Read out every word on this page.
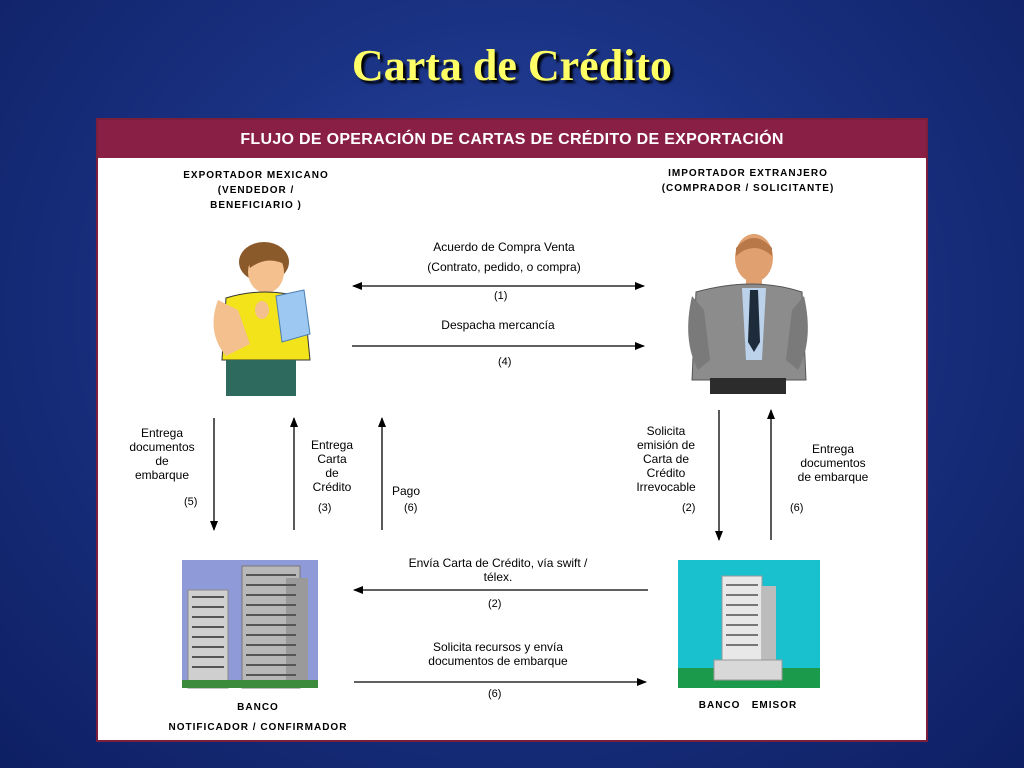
Carta de Crédito
FLUJO DE OPERACIÓN DE CARTAS DE CRÉDITO DE EXPORTACIÓN
EXPORTADOR MEXICANO
(VENDEDOR /
BENEFICIARIO )
IMPORTADOR EXTRANJERO
(COMPRADOR / SOLICITANTE)
Acuerdo de Compra Venta
(Contrato, pedido, o compra)
(1)
Despacha mercancía
(4)
Entrega
documentos
de
embarque
(5)
Entrega
Carta
de
Crédito
(3)
Pago
(6)
Solicita
emisión de
Carta de
Crédito
Irrevocable
(2)
Entrega
documentos
de embarque
(6)
Envía Carta de Crédito, vía swift /
télex.
(2)
Solicita recursos y envía
documentos de embarque
(6)
BANCO
NOTIFICADOR / CONFIRMADOR
BANCO   EMISOR
